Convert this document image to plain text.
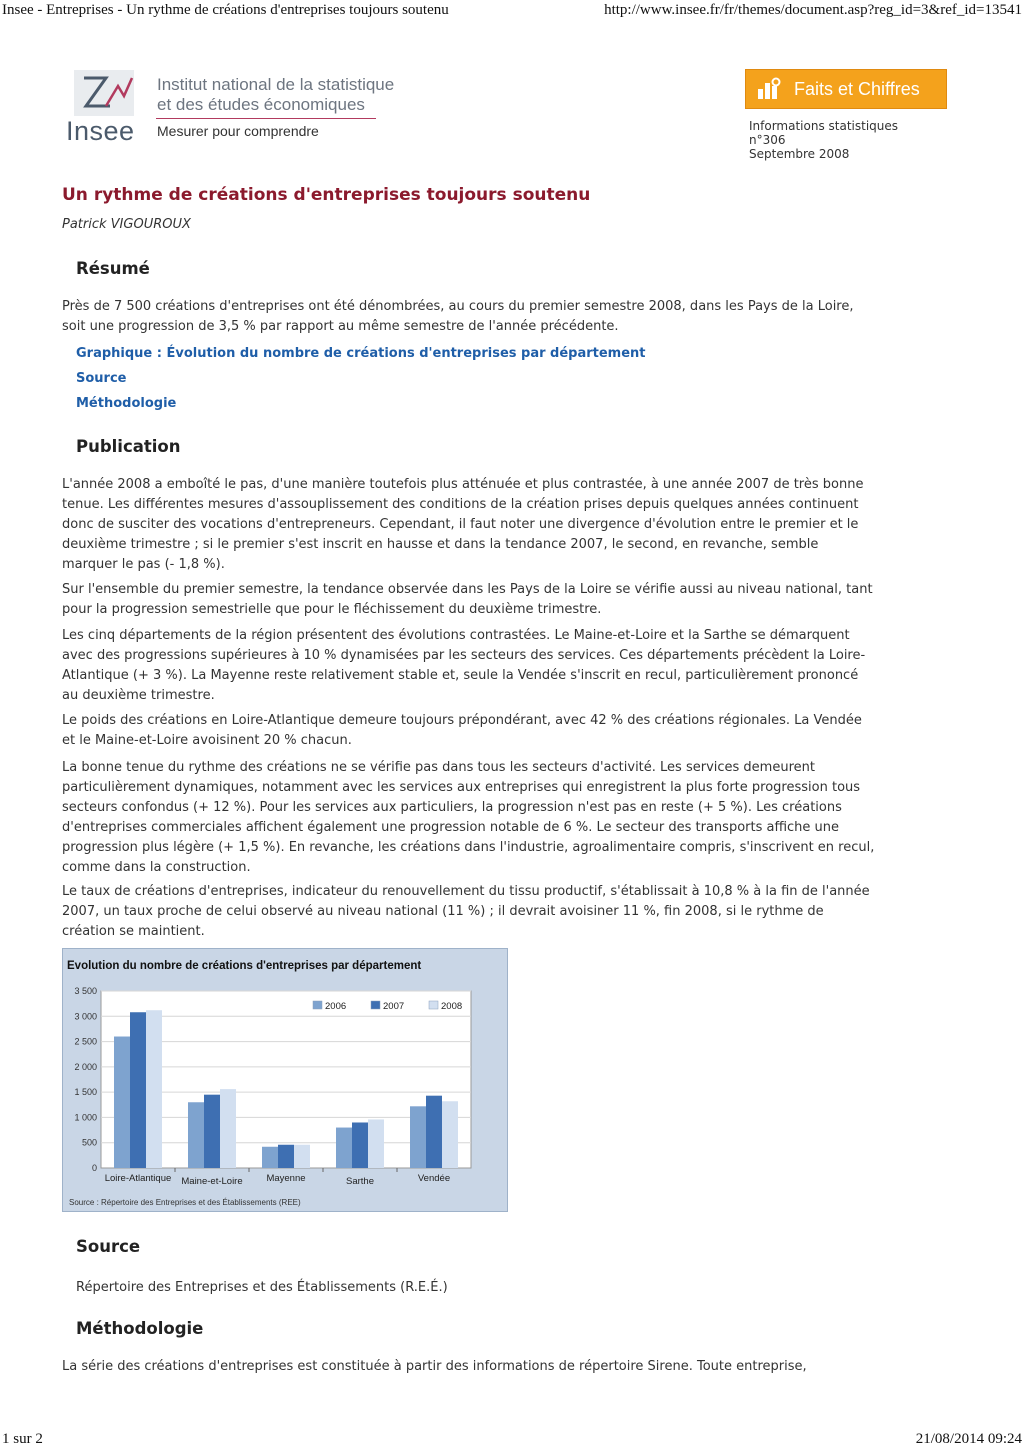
Insee - Entreprises - Un rythme de créations d'entreprises toujours soutenu	http://www.insee.fr/fr/themes/document.asp?reg_id=3&ref_id=13541
Insee
Institut national de la statistique
et des études économiques
Mesurer pour comprendre
Faits et Chiffres
Informations statistiques
n°306
Septembre 2008
Un rythme de créations d'entreprises toujours soutenu
Patrick VIGOUROUX
Résumé

Près de 7 500 créations d'entreprises ont été dénombrées, au cours du premier semestre 2008, dans les Pays de la Loire, soit une progression de 3,5 % par rapport au même semestre de l'année précédente.

Graphique : Évolution du nombre de créations d'entreprises par département
Source
Méthodologie
Publication

L'année 2008 a emboîté le pas, d'une manière toutefois plus atténuée et plus contrastée, à une année 2007 de très bonne tenue. Les différentes mesures d'assouplissement des conditions de la création prises depuis quelques années continuent donc de susciter des vocations d'entrepreneurs. Cependant, il faut noter une divergence d'évolution entre le premier et le deuxième trimestre ; si le premier s'est inscrit en hausse et dans la tendance 2007, le second, en revanche, semble marquer le pas (- 1,8 %).

Sur l'ensemble du premier semestre, la tendance observée dans les Pays de la Loire se vérifie aussi au niveau national, tant pour la progression semestrielle que pour le fléchissement du deuxième trimestre.

Les cinq départements de la région présentent des évolutions contrastées. Le Maine-et-Loire et la Sarthe se démarquent avec des progressions supérieures à 10 % dynamisées par les secteurs des services. Ces départements précèdent la Loire-Atlantique (+ 3 %). La Mayenne reste relativement stable et, seule la Vendée s'inscrit en recul, particulièrement prononcé au deuxième trimestre.

Le poids des créations en Loire-Atlantique demeure toujours prépondérant, avec 42 % des créations régionales. La Vendée et le Maine-et-Loire avoisinent 20 % chacun.

La bonne tenue du rythme des créations ne se vérifie pas dans tous les secteurs d'activité. Les services demeurent particulièrement dynamiques, notamment avec les services aux entreprises qui enregistrent la plus forte progression tous secteurs confondus (+ 12 %). Pour les services aux particuliers, la progression n'est pas en reste (+ 5 %). Les créations d'entreprises commerciales affichent également une progression notable de 6 %. Le secteur des transports affiche une progression plus légère (+ 1,5 %). En revanche, les créations dans l'industrie, agroalimentaire compris, s'inscrivent en recul, comme dans la construction.

Le taux de créations d'entreprises, indicateur du renouvellement du tissu productif, s'établissait à 10,8 % à la fin de l'année 2007, un taux proche de celui observé au niveau national (11 %) ; il devrait avoisiner 11 %, fin 2008, si le rythme de création se maintient.

Evolution du nombre de créations d'entreprises par département
0
500
1 000
1 500
2 000
2 500
3 000
3 500
Loire-Atlantique Maine-et-Loire	Mayenne	Sarthe	Vendée
2006	2007	2008
Source : Répertoire des Entreprises et des Établissements (REE)
Source

Répertoire des Entreprises et des Établissements (R.E.É.)

Méthodologie

La série des créations d'entreprises est constituée à partir des informations de répertoire Sirene. Toute entreprise,

1 sur 2	21/08/2014 09:24
